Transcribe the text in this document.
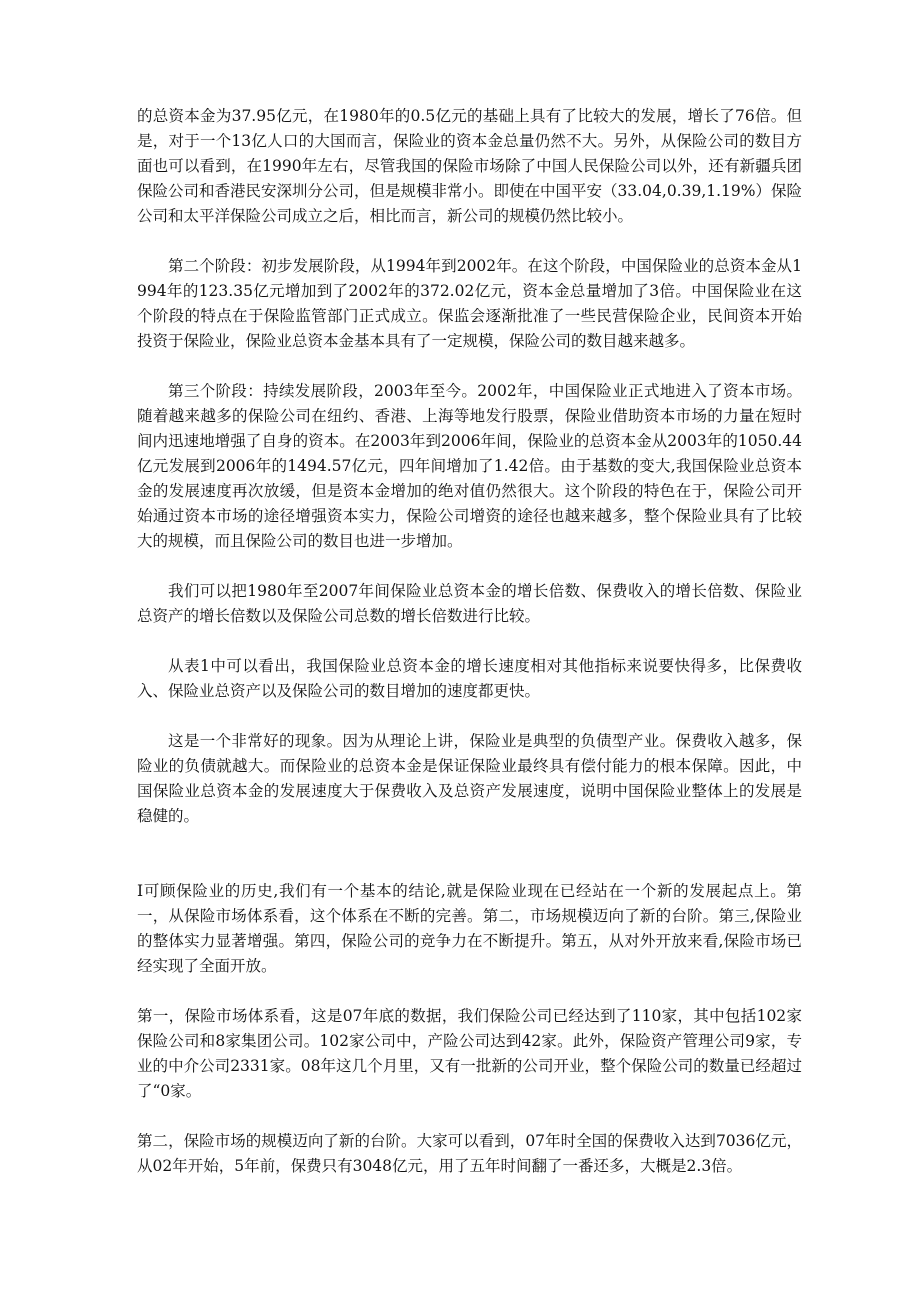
的总资本金为37.95亿元，在1980年的0.5亿元的基础上具有了比较大的发展，增长了76倍。但是，对于一个13亿人口的大国而言，保险业的资本金总量仍然不大。另外，从保险公司的数目方面也可以看到，在1990年左右，尽管我国的保险市场除了中国人民保险公司以外，还有新疆兵团保险公司和香港民安深圳分公司，但是规模非常小。即使在中国平安（33.04,0.39,1.19%）保险公司和太平洋保险公司成立之后，相比而言，新公司的规模仍然比较小。

第二个阶段：初步发展阶段，从1994年到2002年。在这个阶段，中国保险业的总资本金从1994年的123.35亿元增加到了2002年的372.02亿元，资本金总量增加了3倍。中国保险业在这个阶段的特点在于保险监管部门正式成立。保监会逐渐批准了一些民营保险企业，民间资本开始投资于保险业，保险业总资本金基本具有了一定规模，保险公司的数目越来越多。

第三个阶段：持续发展阶段，2003年至今。2002年，中国保险业正式地进入了资本市场。随着越来越多的保险公司在纽约、香港、上海等地发行股票，保险业借助资本市场的力量在短时间内迅速地增强了自身的资本。在2003年到2006年间，保险业的总资本金从2003年的1050.44亿元发展到2006年的1494.57亿元，四年间增加了1.42倍。由于基数的变大,我国保险业总资本金的发展速度再次放缓，但是资本金增加的绝对值仍然很大。这个阶段的特色在于，保险公司开始通过资本市场的途径增强资本实力，保险公司增资的途径也越来越多，整个保险业具有了比较大的规模，而且保险公司的数目也进一步增加。

我们可以把1980年至2007年间保险业总资本金的增长倍数、保费收入的增长倍数、保险业总资产的增长倍数以及保险公司总数的增长倍数进行比较。

从表1中可以看出，我国保险业总资本金的增长速度相对其他指标来说要快得多，比保费收入、保险业总资产以及保险公司的数目增加的速度都更快。

这是一个非常好的现象。因为从理论上讲，保险业是典型的负债型产业。保费收入越多，保险业的负债就越大。而保险业的总资本金是保证保险业最终具有偿付能力的根本保障。因此，中国保险业总资本金的发展速度大于保费收入及总资产发展速度，说明中国保险业整体上的发展是稳健的。

I可顾保险业的历史,我们有一个基本的结论,就是保险业现在已经站在一个新的发展起点上。第一，从保险市场体系看，这个体系在不断的完善。第二，市场规模迈向了新的台阶。第三,保险业的整体实力显著增强。第四，保险公司的竞争力在不断提升。第五，从对外开放来看,保险市场已经实现了全面开放。

第一，保险市场体系看，这是07年底的数据，我们保险公司已经达到了110家，其中包括102家保险公司和8家集团公司。102家公司中，产险公司达到42家。此外，保险资产管理公司9家，专业的中介公司2331家。08年这几个月里，又有一批新的公司开业，整个保险公司的数量已经超过了“0家。

第二，保险市场的规模迈向了新的台阶。大家可以看到，07年时全国的保费收入达到7036亿元，从02年开始，5年前，保费只有3048亿元，用了五年时间翻了一番还多，大概是2.3倍。
